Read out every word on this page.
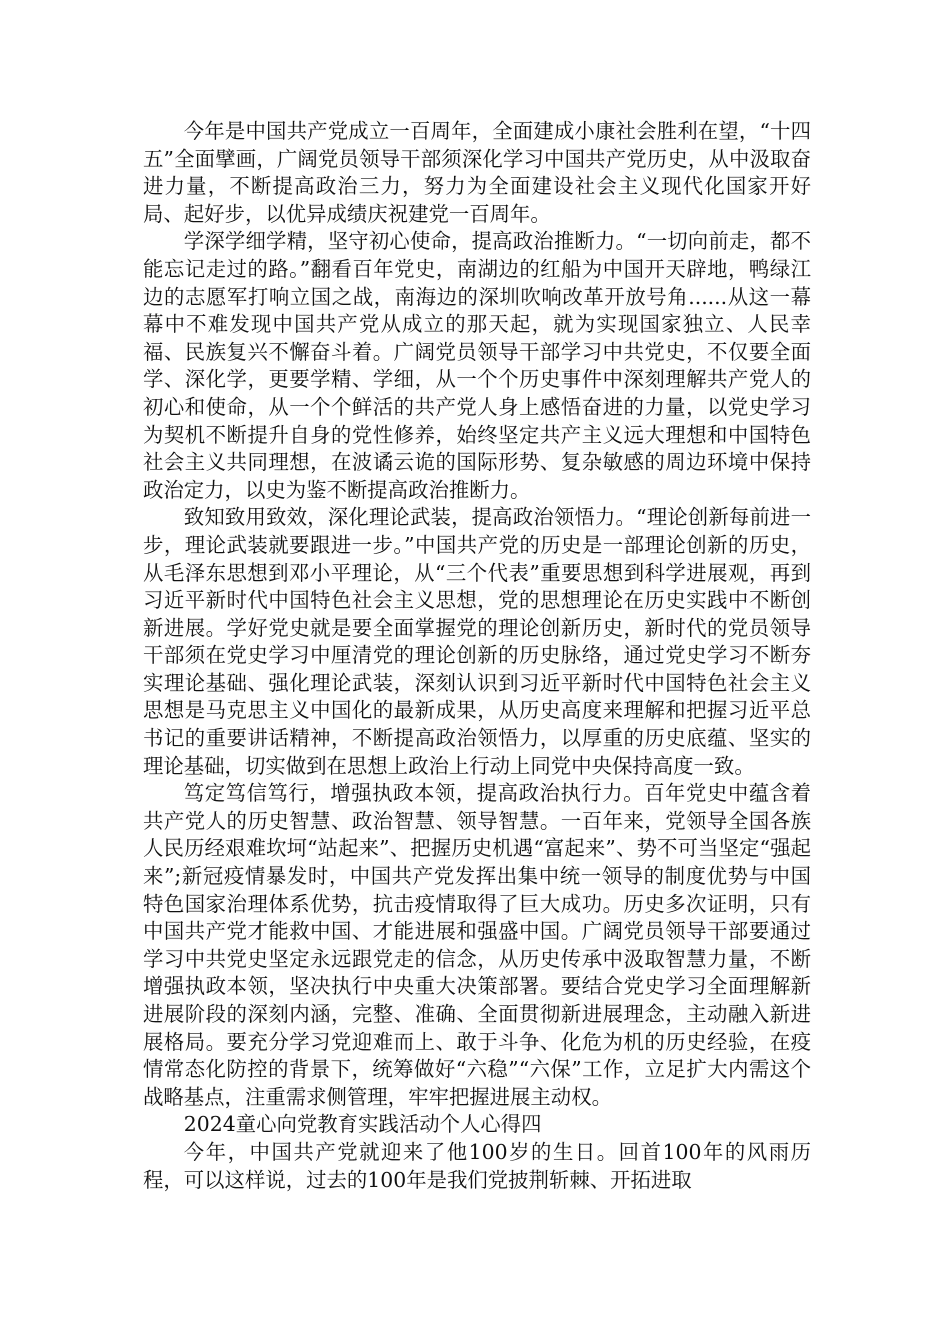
今年是中国共产党成立一百周年，全面建成小康社会胜利在望，“十四五”全面擘画，广阔党员领导干部须深化学习中国共产党历史，从中汲取奋进力量，不断提高政治三力，努力为全面建设社会主义现代化国家开好局、起好步，以优异成绩庆祝建党一百周年。

学深学细学精，坚守初心使命，提高政治推断力。“一切向前走，都不能忘记走过的路。”翻看百年党史，南湖边的红船为中国开天辟地，鸭绿江边的志愿军打响立国之战，南海边的深圳吹响改革开放号角......从这一幕幕中不难发现中国共产党从成立的那天起，就为实现国家独立、人民幸福、民族复兴不懈奋斗着。广阔党员领导干部学习中共党史，不仅要全面学、深化学，更要学精、学细，从一个个历史事件中深刻理解共产党人的初心和使命，从一个个鲜活的共产党人身上感悟奋进的力量，以党史学习为契机不断提升自身的党性修养，始终坚定共产主义远大理想和中国特色社会主义共同理想，在波谲云诡的国际形势、复杂敏感的周边环境中保持政治定力，以史为鉴不断提高政治推断力。

致知致用致效，深化理论武装，提高政治领悟力。“理论创新每前进一步，理论武装就要跟进一步。”中国共产党的历史是一部理论创新的历史，从毛泽东思想到邓小平理论，从“三个代表”重要思想到科学进展观，再到习近平新时代中国特色社会主义思想，党的思想理论在历史实践中不断创新进展。学好党史就是要全面掌握党的理论创新历史，新时代的党员领导干部须在党史学习中厘清党的理论创新的历史脉络，通过党史学习不断夯实理论基础、强化理论武装，深刻认识到习近平新时代中国特色社会主义思想是马克思主义中国化的最新成果，从历史高度来理解和把握习近平总书记的重要讲话精神，不断提高政治领悟力，以厚重的历史底蕴、坚实的理论基础，切实做到在思想上政治上行动上同党中央保持高度一致。

笃定笃信笃行，增强执政本领，提高政治执行力。百年党史中蕴含着共产党人的历史智慧、政治智慧、领导智慧。一百年来，党领导全国各族人民历经艰难坎坷“站起来”、把握历史机遇“富起来”、势不可当坚定“强起来”;新冠疫情暴发时，中国共产党发挥出集中统一领导的制度优势与中国特色国家治理体系优势，抗击疫情取得了巨大成功。历史多次证明，只有中国共产党才能救中国、才能进展和强盛中国。广阔党员领导干部要通过学习中共党史坚定永远跟党走的信念，从历史传承中汲取智慧力量，不断增强执政本领，坚决执行中央重大决策部署。要结合党史学习全面理解新进展阶段的深刻内涵，完整、准确、全面贯彻新进展理念，主动融入新进展格局。要充分学习党迎难而上、敢于斗争、化危为机的历史经验，在疫情常态化防控的背景下，统筹做好“六稳”“六保”工作，立足扩大内需这个战略基点，注重需求侧管理，牢牢把握进展主动权。

2024童心向党教育实践活动个人心得四

今年，中国共产党就迎来了他100岁的生日。回首100年的风雨历程，可以这样说，过去的100年是我们党披荆斩棘、开拓进取
